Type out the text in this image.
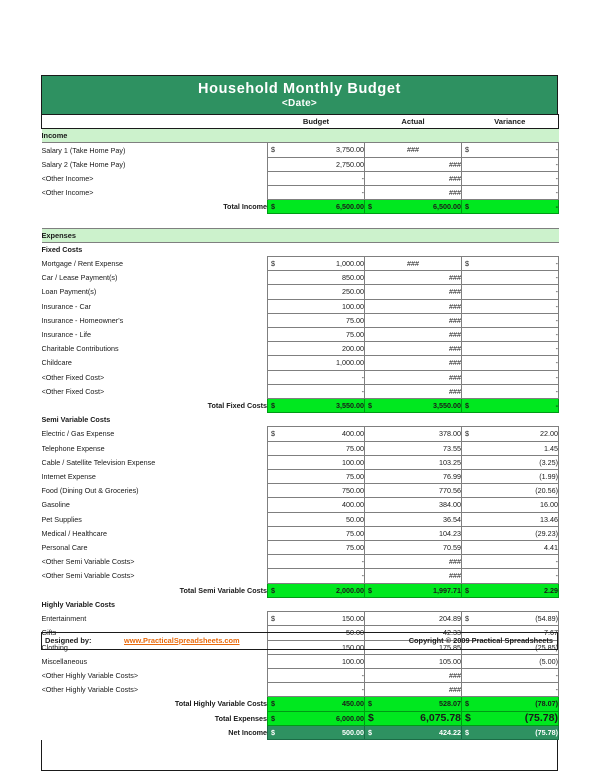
Household Monthly Budget
<Date>
	Budget	Actual	Variance
Income			
Salary 1 (Take Home Pay)	$ 3,750.00	###	$ -
Salary 2 (Take Home Pay)	2,750.00	###	-
<Other Income>	-	###	-
<Other Income>	-	###	-
Total Income	$ 6,500.00	$ 6,500.00	$ -

Expenses			
Fixed Costs			
Mortgage / Rent Expense	$ 1,000.00	###	$ -
Car / Lease Payment(s)	850.00	###	-
Loan Payment(s)	250.00	###	-
Insurance - Car	100.00	###	-
Insurance - Homeowner's	75.00	###	-
Insurance - Life	75.00	###	-
Charitable Contributions	200.00	###	-
Childcare	1,000.00	###	-
<Other Fixed Cost>	-	###	-
<Other Fixed Cost>	-	###	-
Total Fixed Costs	$ 3,550.00	$ 3,550.00	$ -
Semi Variable Costs			
Electric / Gas Expense	$ 400.00	378.00	$ 22.00
Telephone Expense	75.00	73.55	1.45
Cable / Satellite Television Expense	100.00	103.25	(3.25)
Internet Expense	75.00	76.99	(1.99)
Food (Dining Out & Groceries)	750.00	770.56	(20.56)
Gasoline	400.00	384.00	16.00
Pet Supplies	50.00	36.54	13.46
Medical / Healthcare	75.00	104.23	(29.23)
Personal Care	75.00	70.59	4.41
<Other Semi Variable Costs>	-	###	-
<Other Semi Variable Costs>	-	###	-
Total Semi Variable Costs	$ 2,000.00	$ 1,997.71	$ 2.29
Highly Variable Costs			
Entertainment	$ 150.00	204.89	$ (54.89)
Gifts	50.00	42.33	7.67
Clothing	150.00	175.85	(25.85)
Miscellaneous	100.00	105.00	(5.00)
<Other Highly Variable Costs>	-	###	-
<Other Highly Variable Costs>	-	###	-
Total Highly Variable Costs	$ 450.00	$ 528.07	$ (78.07)
Total Expenses	$ 6,000.00	$ 6,075.78	$ (75.78)
Net Income	$ 500.00	$ 424.22	$ (75.78)
Designed by:	www.PracticalSpreadsheets.com	Copyright © 2009 Practical Spreadsheets
